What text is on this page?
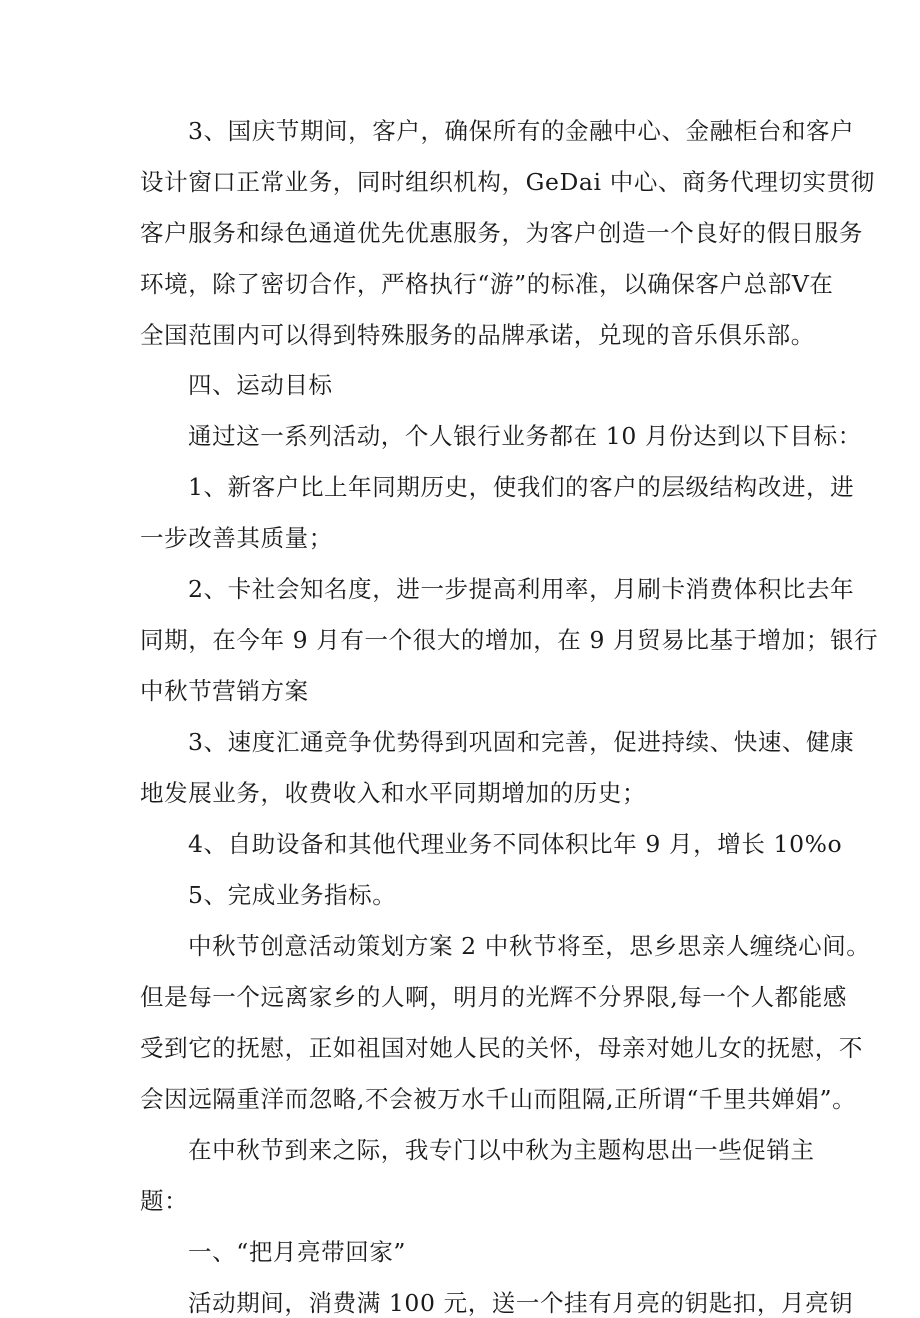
3、国庆节期间，客户，确保所有的金融中心、金融柜台和客户
设计窗口正常业务，同时组织机构，GeDai 中心、商务代理切实贯彻
客户服务和绿色通道优先优惠服务，为客户创造一个良好的假日服务
环境，除了密切合作，严格执行“游”的标准，以确保客户总部Ⅴ在
全国范围内可以得到特殊服务的品牌承诺，兑现的音乐俱乐部。
四、运动目标
通过这一系列活动，个人银行业务都在 10 月份达到以下目标：
1、新客户比上年同期历史，使我们的客户的层级结构改进，进
一步改善其质量；
2、卡社会知名度，进一步提高利用率，月刷卡消费体积比去年
同期，在今年 9 月有一个很大的增加，在 9 月贸易比基于增加；银行
中秋节营销方案
3、速度汇通竞争优势得到巩固和完善，促进持续、快速、健康
地发展业务，收费收入和水平同期增加的历史；
4、自助设备和其他代理业务不同体积比年 9 月，增长 10%o
5、完成业务指标。
中秋节创意活动策划方案 2 中秋节将至，思乡思亲人缠绕心间。
但是每一个远离家乡的人啊，明月的光辉不分界限,每一个人都能感
受到它的抚慰，正如祖国对她人民的关怀，母亲对她儿女的抚慰，不
会因远隔重洋而忽略,不会被万水千山而阻隔,正所谓“千里共婵娟”。
在中秋节到来之际，我专门以中秋为主题构思出一些促销主
题：
一、“把月亮带回家”
活动期间，消费满 100 元，送一个挂有月亮的钥匙扣，月亮钥
